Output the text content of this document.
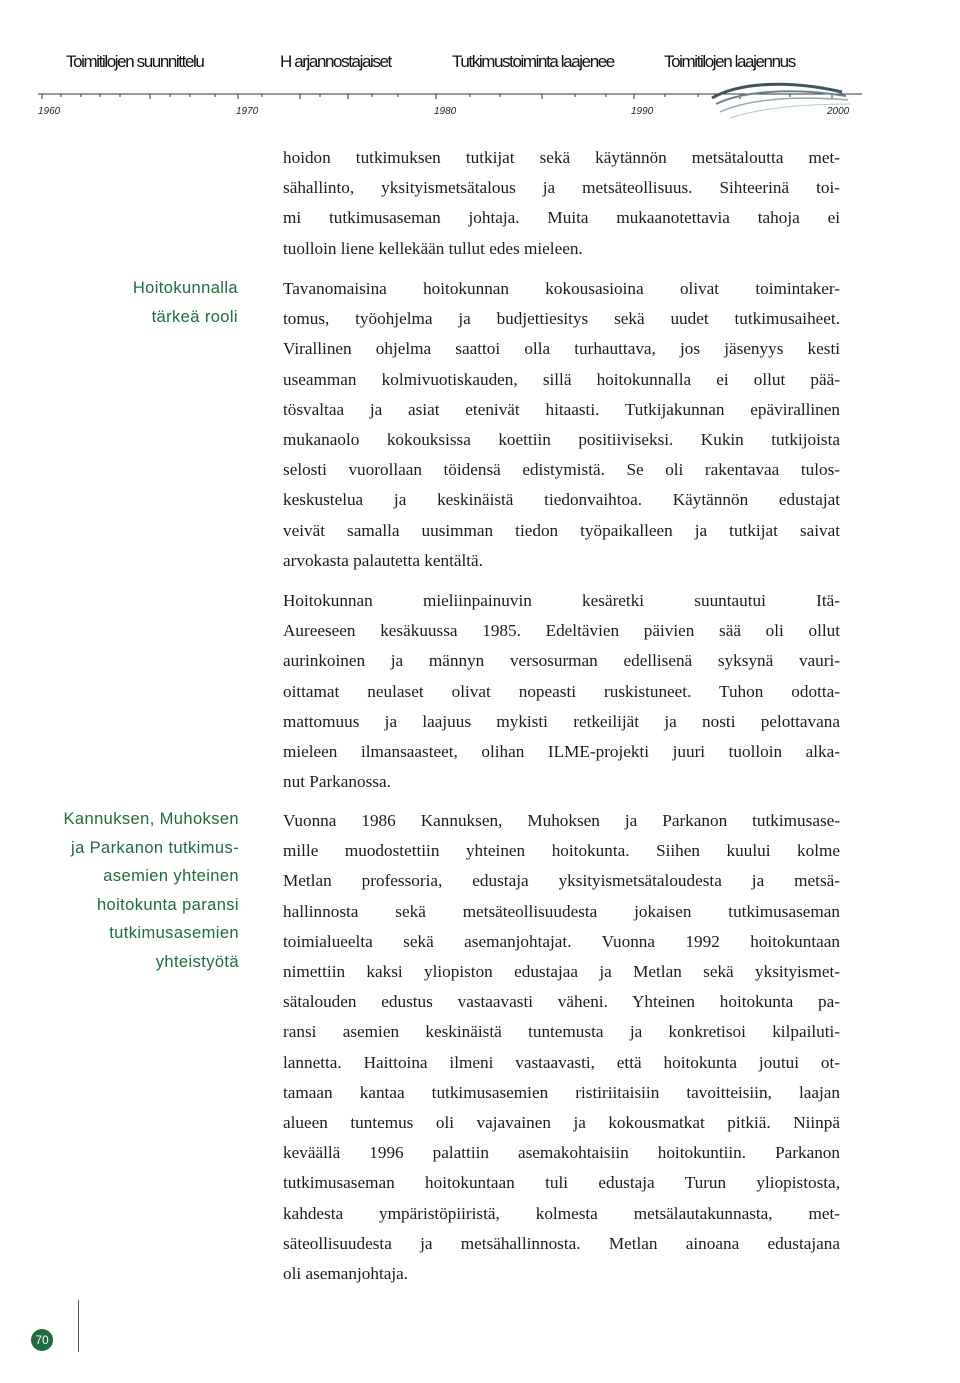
Toimitilojen suunnittelu	H arjannostajaiset	Tutkimustoiminta laajenee	Toimitilojen laajennus
1960	1970	1980	1990	2000
Hoitokunnalla
tärkeä rooli
Kannuksen, Muhoksen
ja Parkanon tutkimus-
asemien yhteinen
hoitokunta paransi
tutkimusasemien
yhteistyötä
hoidon tutkimuksen tutkijat sekä käytännön metsätaloutta met-
sähallinto, yksityismetsätalous ja metsäteollisuus. Sihteerinä toi-
mi tutkimusaseman johtaja. Muita mukaanotettavia tahoja ei
tuolloin liene kellekään tullut edes mieleen.
Tavanomaisina hoitokunnan kokousasioina olivat toimintaker-
tomus, työohjelma ja budjettiesitys sekä uudet tutkimusaiheet.
Virallinen ohjelma saattoi olla turhauttava, jos jäsenyys kesti
useamman kolmivuotiskauden, sillä hoitokunnalla ei ollut pää-
tösvaltaa ja asiat etenivät hitaasti. Tutkijakunnan epävirallinen
mukanaolo kokouksissa koettiin positiiviseksi. Kukin tutkijoista
selosti vuorollaan töidensä edistymistä. Se oli rakentavaa tulos-
keskustelua ja keskinäistä tiedonvaihtoa. Käytännön edustajat
veivät samalla uusimman tiedon työpaikalleen ja tutkijat saivat
arvokasta palautetta kentältä.
Hoitokunnan mieliinpainuvin kesäretki suuntautui Itä-
Aureeseen kesäkuussa 1985. Edeltävien päivien sää oli ollut
aurinkoinen ja männyn versosurman edellisenä syksynä vauri-
oittamat neulaset olivat nopeasti ruskistuneet. Tuhon odotta-
mattomuus ja laajuus mykisti retkeilijät ja nosti pelottavana
mieleen ilmansaasteet, olihan ILME-projekti juuri tuolloin alka-
nut Parkanossa.
Vuonna 1986 Kannuksen, Muhoksen ja Parkanon tutkimusase-
mille muodostettiin yhteinen hoitokunta. Siihen kuului kolme
Metlan professoria, edustaja yksityismetsätaloudesta ja metsä-
hallinnosta sekä metsäteollisuudesta jokaisen tutkimusaseman
toimialueelta sekä asemanjohtajat. Vuonna 1992 hoitokuntaan
nimettiin kaksi yliopiston edustajaa ja Metlan sekä yksityismet-
sätalouden edustus vastaavasti väheni. Yhteinen hoitokunta pa-
ransi asemien keskinäistä tuntemusta ja konkretisoi kilpailuti-
lannetta. Haittoina ilmeni vastaavasti, että hoitokunta joutui ot-
tamaan kantaa tutkimusasemien ristiriitaisiin tavoitteisiin, laajan
alueen tuntemus oli vajavainen ja kokousmatkat pitkiä. Niinpä
keväällä 1996 palattiin asemakohtaisiin hoitokuntiin. Parkanon
tutkimusaseman hoitokuntaan tuli edustaja Turun yliopistosta,
kahdesta ympäristöpiiristä, kolmesta metsälautakunnasta, met-
säteollisuudesta ja metsähallinnosta. Metlan ainoana edustajana
oli asemanjohtaja.
70
